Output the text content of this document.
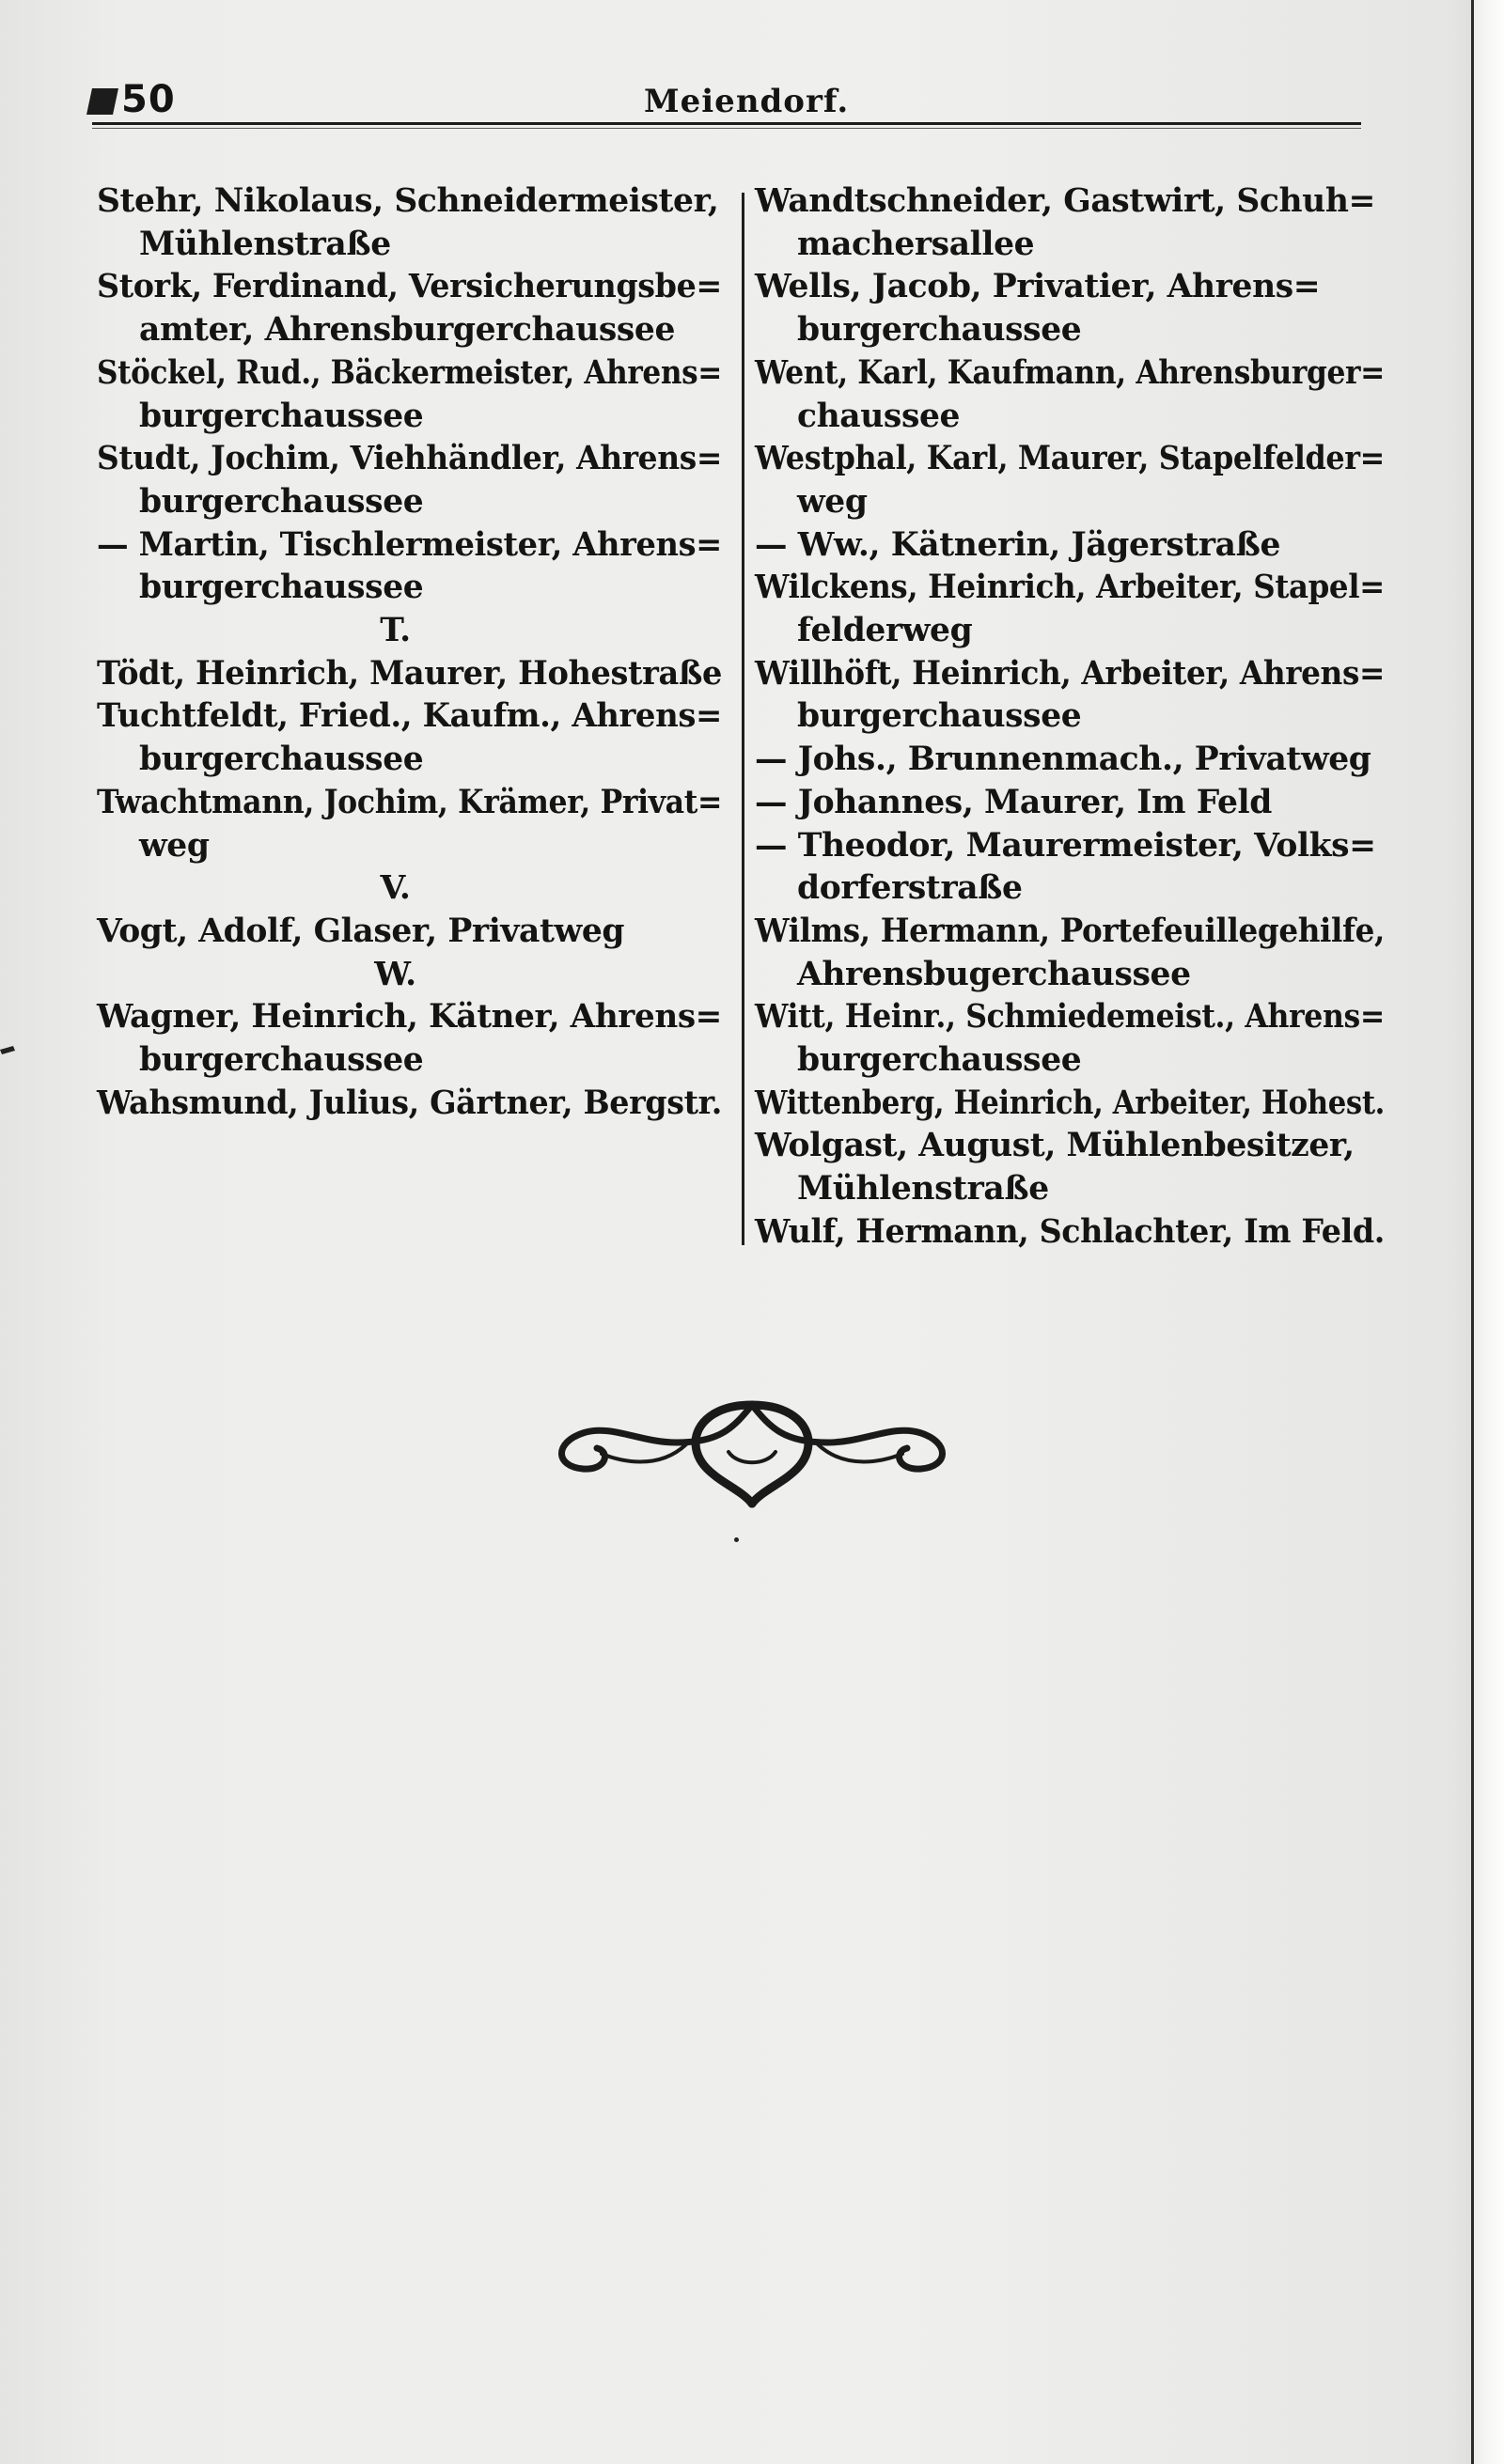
50	Meiendorf.
Stehr, Nikolaus, Schneidermeister,
Mühlenstraße
Stork, Ferdinand, Versicherungsbe=
amter, Ahrensburgerchaussee
Stöckel, Rud., Bäckermeister, Ahrens=
burgerchaussee
Studt, Jochim, Viehhändler, Ahrens=
burgerchaussee
— Martin, Tischlermeister, Ahrens=
burgerchaussee
T.
Tödt, Heinrich, Maurer, Hohestraße
Tuchtfeldt, Fried., Kaufm., Ahrens=
burgerchaussee
Twachtmann, Jochim, Krämer, Privat=
weg
V.
Vogt, Adolf, Glaser, Privatweg
W.
Wagner, Heinrich, Kätner, Ahrens=
burgerchaussee
Wahsmund, Julius, Gärtner, Bergstr.
Wandtschneider, Gastwirt, Schuh=
machersallee
Wells, Jacob, Privatier, Ahrens=
burgerchaussee
Went, Karl, Kaufmann, Ahrensburger=
chaussee
Westphal, Karl, Maurer, Stapelfelder=
weg
— Ww., Kätnerin, Jägerstraße
Wilckens, Heinrich, Arbeiter, Stapel=
felderweg
Willhöft, Heinrich, Arbeiter, Ahrens=
burgerchaussee
— Johs., Brunnenmach., Privatweg
— Johannes, Maurer, Im Feld
— Theodor, Maurermeister, Volks=
dorferstraße
Wilms, Hermann, Portefeuillegehilfe,
Ahrensbugerchaussee
Witt, Heinr., Schmiedemeist., Ahrens=
burgerchaussee
Wittenberg, Heinrich, Arbeiter, Hohest.
Wolgast, August, Mühlenbesitzer,
Mühlenstraße
Wulf, Hermann, Schlachter, Im Feld.
